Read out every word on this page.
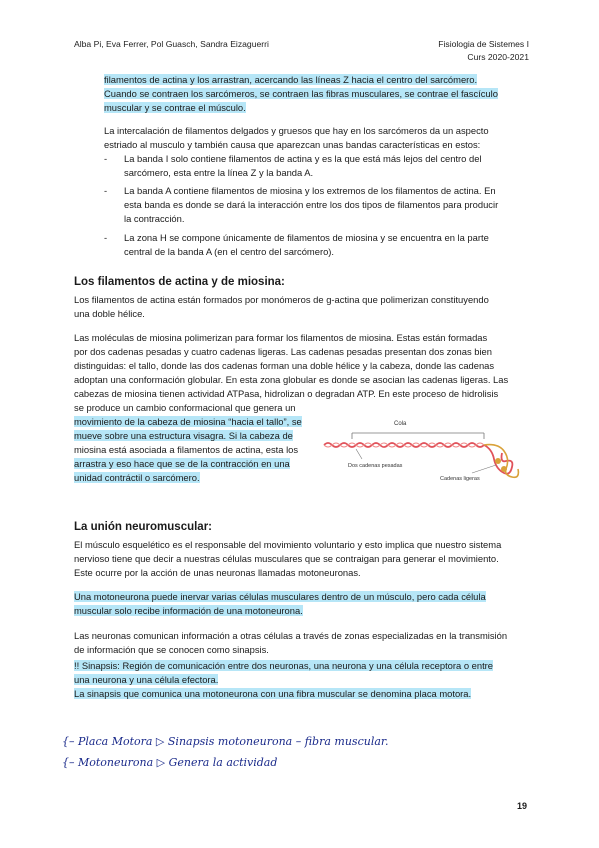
Alba Pi, Eva Ferrer, Pol Guasch, Sandra Eizaguerri	Fisiologia de Sistemes I
Curs 2020-2021
filamentos de actina y los arrastran, acercando las líneas Z hacia el centro del sarcómero.
Cuando se contraen los sarcómeros, se contraen las fibras musculares, se contrae el fascículo
muscular y se contrae el músculo.
La intercalación de filamentos delgados y gruesos que hay en los sarcómeros da un aspecto
estriado al musculo y también causa que aparezcan unas bandas características en estos:
- La banda I solo contiene filamentos de actina y es la que está más lejos del centro del
sarcómero, esta entre la línea Z y la banda A.
- La banda A contiene filamentos de miosina y los extremos de los filamentos de actina. En
esta banda es donde se dará la interacción entre los dos tipos de filamentos para producir
la contracción.
- La zona H se compone únicamente de filamentos de miosina y se encuentra en la parte
central de la banda A (en el centro del sarcómero).
Los filamentos de actina y de miosina:
Los filamentos de actina están formados por monómeros de g-actina que polimerizan constituyendo
una doble hélice.
Las moléculas de miosina polimerizan para formar los filamentos de miosina. Estas están formadas
por dos cadenas pesadas y cuatro cadenas ligeras. Las cadenas pesadas presentan dos zonas bien
distinguidas: el tallo, donde las dos cadenas forman una doble hélice y la cabeza, donde las cadenas
adoptan una conformación globular. En esta zona globular es donde se asocian las cadenas ligeras. Las
cabezas de miosina tienen actividad ATPasa, hidrolizan o degradan ATP. En este proceso de hidrolisis
se produce un cambio conformacional que genera un
movimiento de la cabeza de miosina “hacia el tallo”, se
mueve sobre una estructura visagra. Si la cabeza de
miosina está asociada a filamentos de actina, esta los
arrastra y eso hace que se de la contracción en una
unidad contráctil o sarcómero.
Cola
Dos cadenas pesadas
Cadenas ligeras
La unión neuromuscular:
El músculo esquelético es el responsable del movimiento voluntario y esto implica que nuestro sistema
nervioso tiene que decir a nuestras células musculares que se contraigan para generar el movimiento.
Este ocurre por la acción de unas neuronas llamadas motoneuronas.
Una motoneurona puede inervar varias células musculares dentro de un músculo, pero cada célula
muscular solo recibe información de una motoneurona.
Las neuronas comunican información a otras células a través de zonas especializadas en la transmisión
de información que se conocen como sinapsis.
!! Sinapsis: Región de comunicación entre dos neuronas, una neurona y una célula receptora o entre
una neurona y una célula efectora.
La sinapsis que comunica una motoneurona con una fibra muscular se denomina placa motora.
{– Placa Motora ▷ Sinapsis motoneurona – fibra muscular.
{– Motoneurona ▷ Genera la actividad
19
